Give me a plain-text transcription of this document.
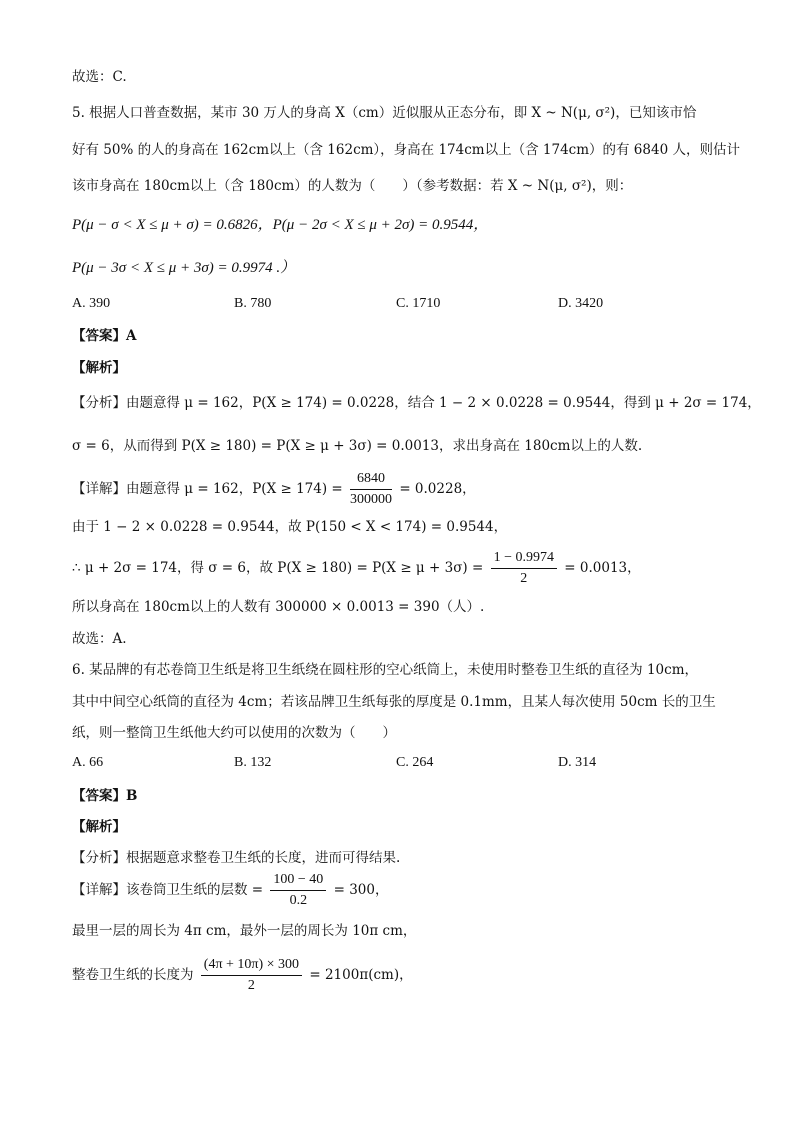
故选：C.
5. 根据人口普查数据，某市 30 万人的身高 X（cm）近似服从正态分布，即 X ~ N(μ, σ²)，已知该市恰
好有 50% 的人的身高在 162cm以上（含 162cm），身高在 174cm以上（含 174cm）的有 6840 人，则估计
该市身高在 180cm以上（含 180cm）的人数为（　　）（参考数据：若 X ~ N(μ, σ²)，则：
P(μ − σ < X ≤ μ + σ) = 0.6826，P(μ − 2σ < X ≤ μ + 2σ) = 0.9544，
P(μ − 3σ < X ≤ μ + 3σ) = 0.9974 .）
A. 390	B. 780	C. 1710	D. 3420
【答案】A
【解析】
【分析】由题意得 μ = 162，P(X ≥ 174) = 0.0228，结合 1 − 2 × 0.0228 = 0.9544，得到 μ + 2σ = 174，
σ = 6，从而得到 P(X ≥ 180) = P(X ≥ μ + 3σ) = 0.0013，求出身高在 180cm以上的人数.
【详解】由题意得 μ = 162，$P(X \ge 174) = \frac{6840}{300000} = 0.0228$，
由于 1 − 2 × 0.0228 = 0.9544，故 P(150 < X < 174) = 0.9544，
∴ μ + 2σ = 174，得 σ = 6，故 $P(X \ge 180) = P(X \ge \mu + 3\sigma) = \frac{1 - 0.9974}{2} = 0.0013$，
所以身高在 180cm以上的人数有 300000 × 0.0013 = 390（人）.
故选：A.
6. 某品牌的有芯卷筒卫生纸是将卫生纸绕在圆柱形的空心纸筒上，未使用时整卷卫生纸的直径为 10cm，
其中中间空心纸筒的直径为 4cm；若该品牌卫生纸每张的厚度是 0.1mm，且某人每次使用 50cm 长的卫生
纸，则一整筒卫生纸他大约可以使用的次数为（　　）
A. 66	B. 132	C. 264	D. 314
【答案】B
【解析】
【分析】根据题意求整卷卫生纸的长度，进而可得结果.
【详解】该卷筒卫生纸的层数 = $\frac{100 - 40}{0.2} = 300$，
最里一层的周长为 4π cm，最外一层的周长为 10π cm，
整卷卫生纸的长度为 $\frac{(4\pi + 10\pi) \times 300}{2} = 2100\pi(cm)$，
